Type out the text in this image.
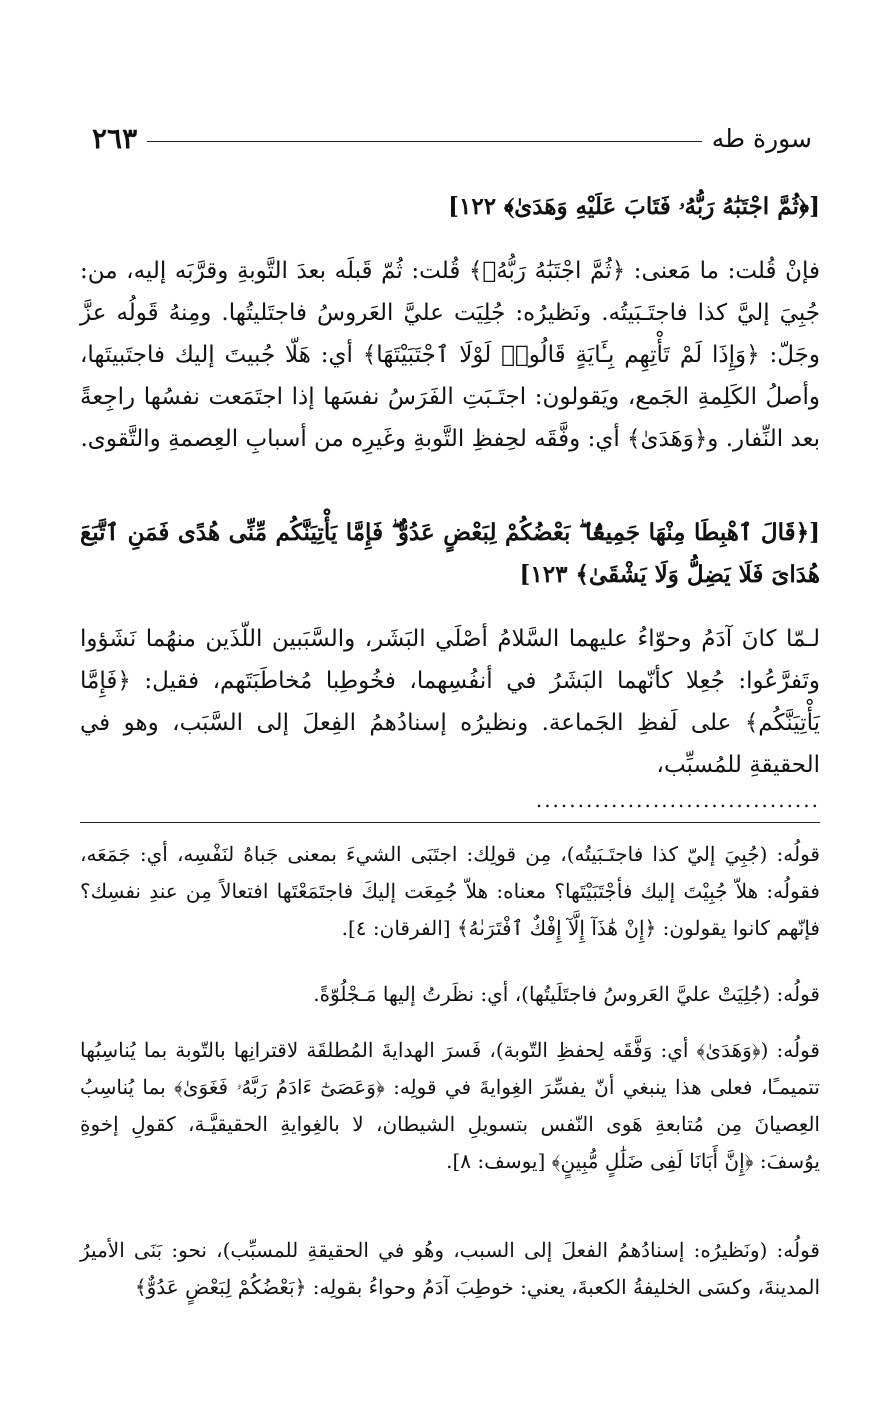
سورة طه
٢٦٣

[﴿ثُمَّ اجْتَبَٰهُ رَبُّهُۥ فَتَابَ عَلَيْهِ وَهَدَىٰ﴾ ١٢٢]

فإنْ قُلت: ما مَعنى: ﴿ثُمَّ اجْتَبَٰهُ رَبُّهُۥ﴾ قُلت: ثُمّ قَبلَه بعدَ التَّوبةِ وقرَّبَه إليه، من: جُبِيَ إليَّ كذا فاجتَـبَيتُه. ونَظيرُه: جُلِيَت عليَّ العَروسُ فاجتَليتُها. ومِنهُ قَولُه عزَّ وجَلّ: ﴿وَإِذَا لَمْ تَأْتِهِم بِـَٔايَةٍ قَالُوا۟ لَوْلَا ٱجْتَبَيْتَهَا﴾ أي: هَلّا جُبيتَ إليك فاجتَبيتَها، وأصلُ الكَلِمةِ الجَمع، ويَقولون: اجتَـبَتِ الفَرَسُ نفسَها إذا اجتَمَعت نفسُها راجِعةً بعد النِّفار. و﴿وَهَدَىٰ﴾ أي: وفَّقَه لحِفظِ التَّوبةِ وغَيرِه من أسبابِ العِصمةِ والتَّقوى.

[﴿قَالَ ٱهْبِطَا مِنْهَا جَمِيعًۢا ۖ بَعْضُكُمْ لِبَعْضٍ عَدُوٌّ ۖ فَإِمَّا يَأْتِيَنَّكُم مِّنِّى هُدًى فَمَنِ ٱتَّبَعَ هُدَاىَ فَلَا يَضِلُّ وَلَا يَشْقَىٰ﴾ ١٢٣]

لـمّا كانَ آدَمُ وحوّاءُ عليهما السَّلامُ أصْلَي البَشَر، والسَّبَبين اللّذَين منهُما نَشَؤوا وتَفرَّعُوا: جُعِلا كأنّهما البَشَرُ في أنفُسِهما، فخُوطِبا مُخاطَبَتَهم، فقيل: ﴿فَإِمَّا يَأْتِيَنَّكُم﴾ على لَفظِ الجَماعة. ونظيرُه إسنادُهمُ الفِعلَ إلى السَّبَب، وهو في الحقيقةِ للمُسبِّب،

..................................

قولُه: (جُبِيَ إليّ كذا فاجتَـبَيتُه)، مِن قولِك: اجتَبَى الشيءَ بمعنى جَباهُ لنَفْسِه، أي: جَمَعَه، فقولُه: هلاّ جُبِيْتَ إليك فأجْتَبَيْتَها؟ معناه: هلاّ جُمِعَت إليكَ فاجتَمَعْتَها افتعالاً مِن عندِ نفسِك؟ فإنّهم كانوا يقولون: ﴿إِنْ هَٰذَآ إِلَّآ إِفْكٌ ٱفْتَرَىٰهُ﴾ [الفرقان: ٤].

قولُه: (جُلِيَتْ عليَّ العَروسُ فاجتَلَيتُها)، أي: نظَرتُ إليها مَـجْلُوّةً.

قولُه: (﴿وَهَدَىٰ﴾ أي: وَفَّقَه لِحفظِ التّوبة)، فَسرَ الهدايةَ المُطلقَة لاقترانِها بالتّوبة بما يُناسِبُها تتميمـًا، فعلى هذا ينبغي أنّ يفسِّرَ الغِوايةَ في قولِه: ﴿وَعَصَىٰٓ ءَادَمُ رَبَّهُۥ فَغَوَىٰ﴾ بما يُناسِبُ العِصيانَ مِن مُتابعةِ هَوى النّفس بتسويلِ الشيطان، لا بالغِوايةِ الحقيقيَّـة، كقولِ إخوةِ يوُسفَ: ﴿إِنَّ أَبَانَا لَفِى ضَلَٰلٍ مُّبِينٍ﴾ [يوسف: ٨].

قولُه: (ونَظيرُه: إسنادُهمُ الفعلَ إلى السبب، وهُو في الحقيقةِ للمسبِّب)، نحو: بَنَى الأميرُ المدينةَ، وكسَى الخليفةُ الكعبةَ، يعني: خوطِبَ آدَمُ وحواءُ بقولِه: ﴿بَعْضُكُمْ لِبَعْضٍ عَدُوٌّ﴾
